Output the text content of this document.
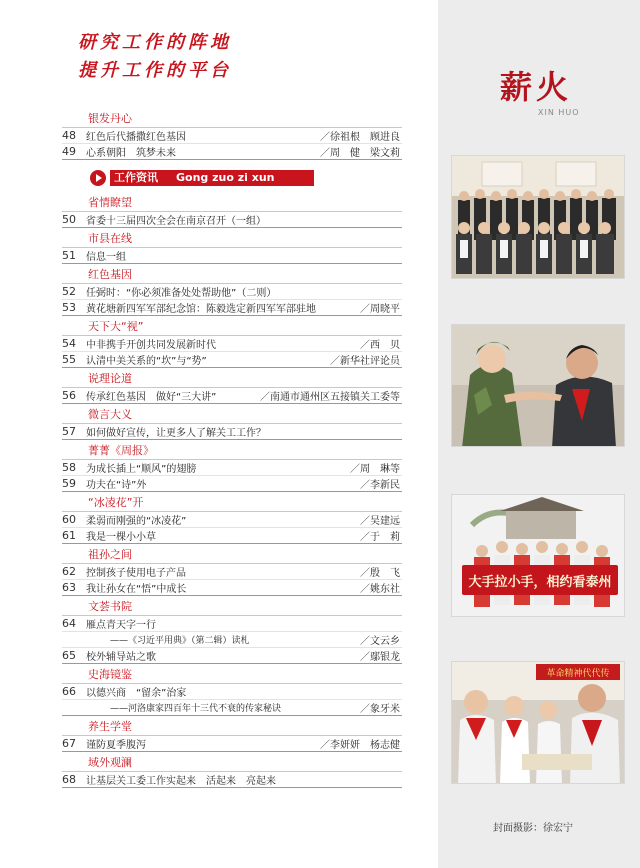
研究工作的阵地
提升工作的平台
银发丹心
48	红色后代播撒红色基因	／徐祖根　顾进良
49	心系朝阳　筑梦未来	／周　健　梁文莉
工作资讯 Gong zuo zi xun
省情瞭望
50	省委十三届四次全会在南京召开（一组）
市县在线
51	信息一组
红色基因
52	任弼时：“你必须准备处处帮助他”（二则）
53	黄花塘新四军军部纪念馆：陈毅选定新四军军部驻地	／周晓平
天下大“视”
54	中非携手开创共同发展新时代	／西　贝
55	认清中美关系的“坎”与“势”	／新华社评论员
说理论道
56	传承红色基因　做好“三大讲”	／南通市通州区五接镇关工委等
微言大义
57	如何做好宣传，让更多人了解关工工作？
菁菁《周报》
58	为成长插上“顺风”的翅膀	／周　琳等
59	功夫在“诗”外	／李新民
“冰凌花”开
60	柔弱而刚强的“冰凌花”	／吴建远
61	我是一棵小小草	／于　莉
祖孙之间
62	控制孩子使用电子产品	／殷　飞
63	我让孙女在“悟”中成长	／姚东社
文荟书院
64	雁点青天字一行
——《习近平用典》（第二辑）读札	／文云乡
65	校外辅导站之歌	／鄢银龙
史海镜鉴
66	以德兴商　“留余”治家
——河洛康家四百年十三代不衰的传家秘诀	／象牙米
养生学堂
67	谨防夏季腹泻	／李妍妍　杨志健
域外观澜
68	让基层关工委工作实起来　活起来　亮起来
薪火
XIN HUO
大手拉小手，相约看泰州
革命精神代代传
封面摄影：徐宏宁
